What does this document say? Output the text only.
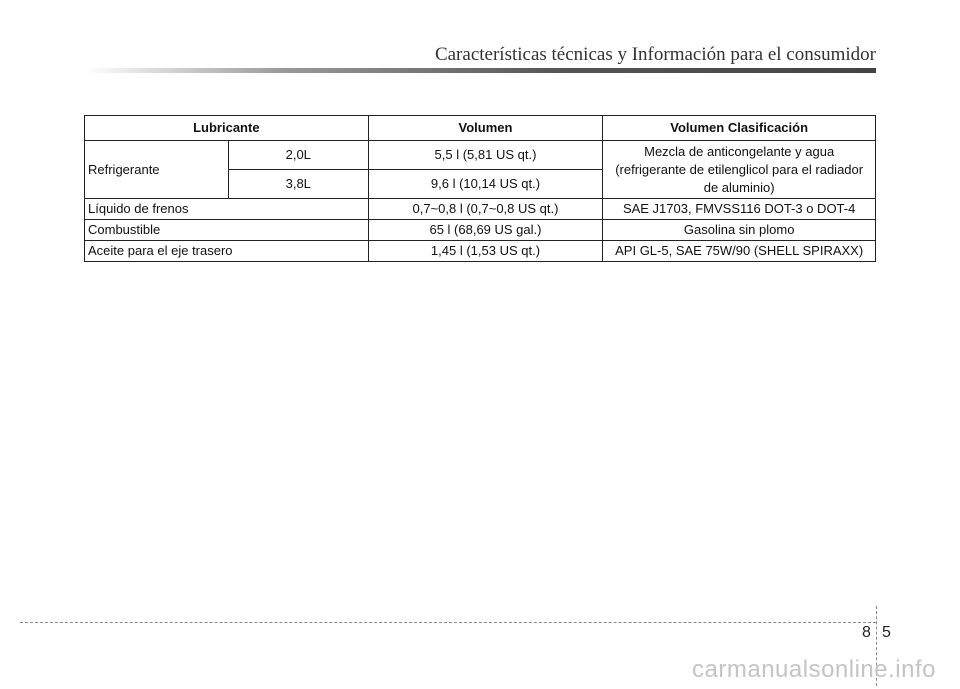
Características técnicas y Información para el consumidor
Lubricante		Volumen	Volumen Clasificación
Refrigerante	2,0L	5,5 l (5,81 US qt.)	Mezcla de anticongelante y agua
(refrigerante de etilenglicol para el radiador
de aluminio)

	3,8L	9,6 l (10,14 US qt.)	
Líquido de frenos		0,7~0,8 l (0,7~0,8 US qt.)	SAE J1703, FMVSS116 DOT-3 o DOT-4
Combustible		65 l (68,69 US gal.)	Gasolina sin plomo
Aceite para el eje trasero		1,45 l (1,53 US qt.)	API GL-5, SAE 75W/90 (SHELL SPIRAXX)
8 5
carmanualsonline.info
